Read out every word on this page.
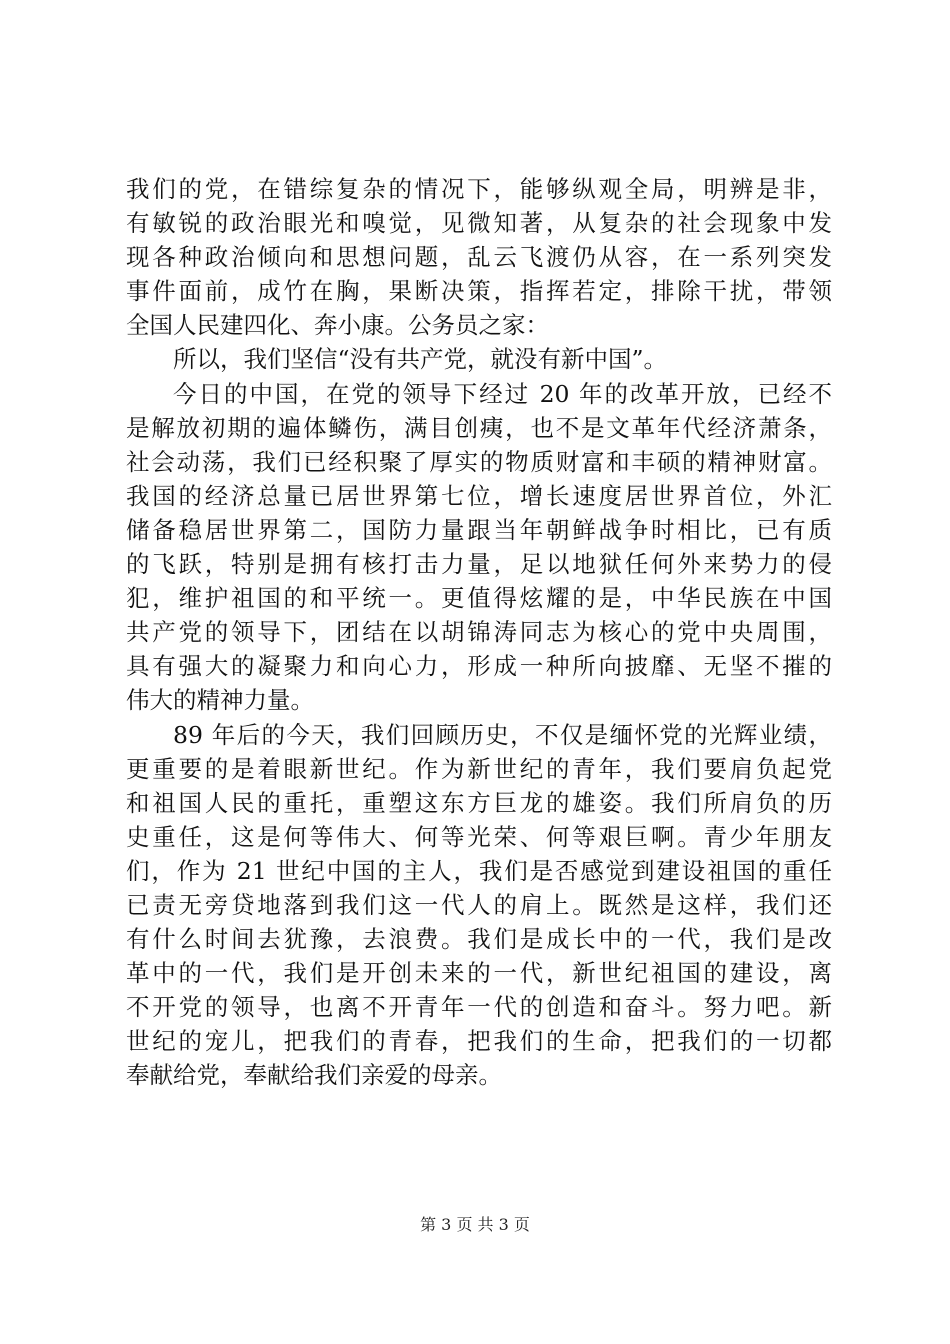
我们的党，在错综复杂的情况下，能够纵观全局，明辨是非，
有敏锐的政治眼光和嗅觉，见微知著，从复杂的社会现象中发
现各种政治倾向和思想问题，乱云飞渡仍从容，在一系列突发
事件面前，成竹在胸，果断决策，指挥若定，排除干扰，带领
全国人民建四化、奔小康。公务员之家：
所以，我们坚信“没有共产党，就没有新中国”。
今日的中国，在党的领导下经过 20 年的改革开放，已经不
是解放初期的遍体鳞伤，满目创痍，也不是文革年代经济萧条，
社会动荡，我们已经积聚了厚实的物质财富和丰硕的精神财富。
我国的经济总量已居世界第七位，增长速度居世界首位，外汇
储备稳居世界第二，国防力量跟当年朝鲜战争时相比，已有质
的飞跃，特别是拥有核打击力量，足以地狱任何外来势力的侵
犯，维护祖国的和平统一。更值得炫耀的是，中华民族在中国
共产党的领导下，团结在以胡锦涛同志为核心的党中央周围，
具有强大的凝聚力和向心力，形成一种所向披靡、无坚不摧的
伟大的精神力量。
89 年后的今天，我们回顾历史，不仅是缅怀党的光辉业绩，
更重要的是着眼新世纪。作为新世纪的青年，我们要肩负起党
和祖国人民的重托，重塑这东方巨龙的雄姿。我们所肩负的历
史重任，这是何等伟大、何等光荣、何等艰巨啊。青少年朋友
们，作为 21 世纪中国的主人，我们是否感觉到建设祖国的重任
已责无旁贷地落到我们这一代人的肩上。既然是这样，我们还
有什么时间去犹豫，去浪费。我们是成长中的一代，我们是改
革中的一代，我们是开创未来的一代，新世纪祖国的建设，离
不开党的领导，也离不开青年一代的创造和奋斗。努力吧。新
世纪的宠儿，把我们的青春，把我们的生命，把我们的一切都
奉献给党，奉献给我们亲爱的母亲。
第 3 页 共 3 页
